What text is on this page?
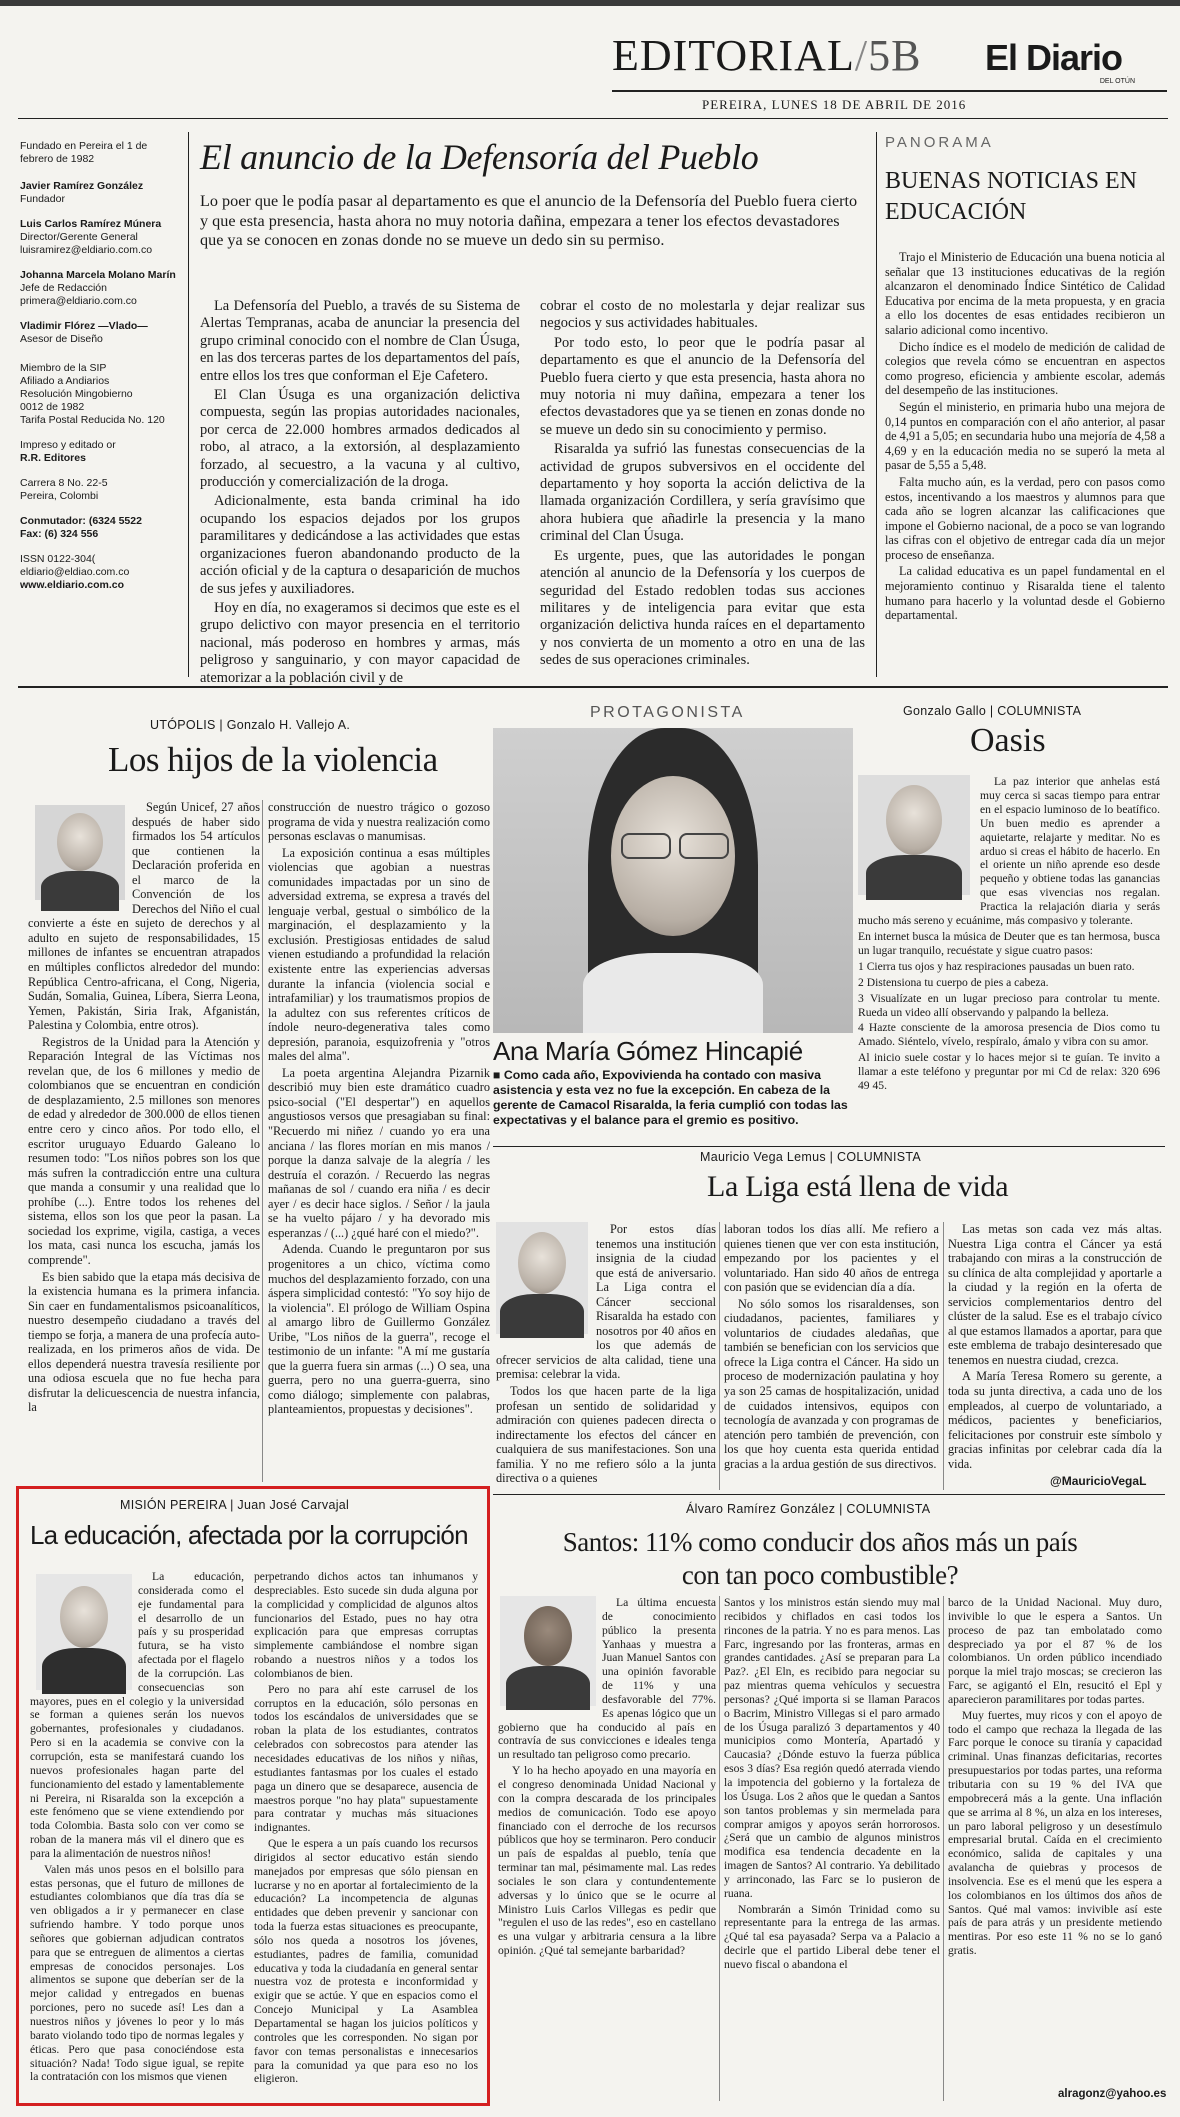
EDITORIAL/5B El Diario
DEL OTÚN
PEREIRA, LUNES 18 DE ABRIL DE 2016
Fundado en Pereira el 1 de febrero de 1982
Javier Ramírez González
Fundador
Luis Carlos Ramírez Múnera
Director/Gerente General
luisramirez@eldiario.com.co
Johanna Marcela Molano Marín
Jefe de Redacción
primera@eldiario.com.co
Vladimir Flórez —Vlado—
Asesor de Diseño
Miembro de la SIP
Afiliado a Andiarios
Resolución Mingobierno
0012 de 1982
Tarifa Postal Reducida No. 120
Impreso y editado or
R.R. Editores
Carrera 8 No. 22-5
Pereira, Colombi
Conmutador: (6324 5522
Fax: (6) 324 556
ISSN 0122-304(
eldiario@eldiao.com.co
www.eldiario.com.co
El anuncio de la Defensoría del Pueblo
Lo poer que le podía pasar al departamento es que el anuncio de la Defensoría del Pueblo fuera cierto y que esta presencia, hasta ahora no muy notoria dañina, empezara a tener los efectos devastadores que ya se conocen en zonas donde no se mueve un dedo sin su permiso.

La Defensoría del Pueblo, a través de su Sistema de Alertas Tempranas, acaba de anunciar la presencia del grupo criminal conocido con el nombre de Clan Úsuga, en las dos terceras partes de los departamentos del país, entre ellos los tres que conforman el Eje Cafetero.

El Clan Úsuga es una organización delictiva compuesta, según las propias autoridades nacionales, por cerca de 22.000 hombres armados dedicados al robo, al atraco, a la extorsión, al desplazamiento forzado, al secuestro, a la vacuna y al cultivo, producción y comercialización de la droga.

Adicionalmente, esta banda criminal ha ido ocupando los espacios dejados por los grupos paramilitares y dedicándose a las actividades que estas organizaciones fueron abandonando producto de la acción oficial y de la captura o desaparición de muchos de sus jefes y auxiliadores.

Hoy en día, no exageramos si decimos que este es el grupo delictivo con mayor presencia en el territorio nacional, más poderoso en hombres y armas, más peligroso y sanguinario, y con mayor capacidad de atemorizar a la población civil y de

cobrar el costo de no molestarla y dejar realizar sus negocios y sus actividades habituales.

Por todo esto, lo peor que le podría pasar al departamento es que el anuncio de la Defensoría del Pueblo fuera cierto y que esta presencia, hasta ahora no muy notoria ni muy dañina, empezara a tener los efectos devastadores que ya se tienen en zonas donde no se mueve un dedo sin su conocimiento y permiso.

Risaralda ya sufrió las funestas consecuencias de la actividad de grupos subversivos en el occidente del departamento y hoy soporta la acción delictiva de la llamada organización Cordillera, y sería gravísimo que ahora hubiera que añadirle la presencia y la mano criminal del Clan Úsuga.

Es urgente, pues, que las autoridades le pongan atención al anuncio de la Defensoría y los cuerpos de seguridad del Estado redoblen todas sus acciones militares y de inteligencia para evitar que esta organización delictiva hunda raíces en el departamento y nos convierta de un momento a otro en una de las sedes de sus operaciones criminales.

PANORAMA
BUENAS NOTICIAS EN EDUCACIÓN

Trajo el Ministerio de Educación una buena noticia al señalar que 13 instituciones educativas de la región alcanzaron el denominado Índice Sintético de Calidad Educativa por encima de la meta propuesta, y en gracia a ello los docentes de esas entidades recibieron un salario adicional como incentivo.

Dicho índice es el modelo de medición de calidad de colegios que revela cómo se encuentran en aspectos como progreso, eficiencia y ambiente escolar, además del desempeño de las instituciones.

Según el ministerio, en primaria hubo una mejora de 0,14 puntos en comparación con el año anterior, al pasar de 4,91 a 5,05; en secundaria hubo una mejoría de 4,58 a 4,69 y en la educación media no se superó la meta al pasar de 5,55 a 5,48.

Falta mucho aún, es la verdad, pero con pasos como estos, incentivando a los maestros y alumnos para que cada año se logren alcanzar las calificaciones que impone el Gobierno nacional, de a poco se van logrando las cifras con el objetivo de entregar cada día un mejor proceso de enseñanza.

La calidad educativa es un papel fundamental en el mejoramiento continuo y Risaralda tiene el talento humano para hacerlo y la voluntad desde el Gobierno departamental.

UTÓPOLIS | Gonzalo H. Vallejo A.
Los hijos de la violencia

Según Unicef, 27 años después de haber sido firmados los 54 artículos que contienen la Declaración proferida en el marco de la Convención de los Derechos del Niño el cual convierte a éste en sujeto de derechos y al adulto en sujeto de responsabilidades, 15 millones de infantes se encuentran atrapados en múltiples conflictos alrededor del mundo: República Centro-africana, el Cong, Nigeria, Sudán, Somalia, Guinea, Líbera, Sierra Leona, Yemen, Pakistán, Siria Irak, Afganistán, Palestina y Colombia, entre otros).

Registros de la Unidad para la Atención y Reparación Integral de las Víctimas nos revelan que, de los 6 millones y medio de colombianos que se encuentran en condición de desplazamiento, 2.5 millones son menores de edad y alrededor de 300.000 de ellos tienen entre cero y cinco años. Por todo ello, el escritor uruguayo Eduardo Galeano lo resumen todo: "Los niños pobres son los que más sufren la contradicción entre una cultura que manda a consumir y una realidad que lo prohíbe (...). Entre todos los rehenes del sistema, ellos son los que peor la pasan. La sociedad los exprime, vigila, castiga, a veces los mata, casi nunca los escucha, jamás los comprende".

Es bien sabido que la etapa más decisiva de la existencia humana es la primera infancia. Sin caer en fundamentalismos psicoanalíticos, nuestro desempeño ciudadano a través del tiempo se forja, a manera de una profecía auto-realizada, en los primeros años de vida. De ellos dependerá nuestra travesía resiliente por una odiosa escuela que no fue hecha para disfrutar la delicuescencia de nuestra infancia, la

construcción de nuestro trágico o gozoso programa de vida y nuestra realización como personas esclavas o manumisas.

La exposición continua a esas múltiples violencias que agobian a nuestras comunidades impactadas por un sino de adversidad extrema, se expresa a través del lenguaje verbal, gestual o simbólico de la marginación, el desplazamiento y la exclusión. Prestigiosas entidades de salud vienen estudiando a profundidad la relación existente entre las experiencias adversas durante la infancia (violencia social e intrafamiliar) y los traumatismos propios de la adultez con sus referentes críticos de índole neuro-degenerativa tales como depresión, paranoia, esquizofrenia y "otros males del alma".

La poeta argentina Alejandra Pizarnik describió muy bien este dramático cuadro psico-social ("El despertar") en aquellos angustiosos versos que presagiaban su final: "Recuerdo mi niñez / cuando yo era una anciana / las flores morían en mis manos / porque la danza salvaje de la alegría / les destruía el corazón. / Recuerdo las negras mañanas de sol / cuando era niña / es decir ayer / es decir hace siglos. / Señor / la jaula se ha vuelto pájaro / y ha devorado mis esperanzas / (...) ¿qué haré con el miedo?".

Adenda. Cuando le preguntaron por sus progenitores a un chico, víctima como muchos del desplazamiento forzado, con una áspera simplicidad contestó: "Yo soy hijo de la violencia". El prólogo de William Ospina al amargo libro de Guillermo González Uribe, "Los niños de la guerra", recoge el testimonio de un infante: "A mí me gustaría que la guerra fuera sin armas (...) O sea, una guerra, pero no una guerra-guerra, sino como diálogo; simplemente con palabras, planteamientos, propuestas y decisiones".

PROTAGONISTA
Ana María Gómez Hincapié
■ Como cada año, Expovivienda ha contado con masiva asistencia y esta vez no fue la excepción. En cabeza de la gerente de Camacol Risaralda, la feria cumplió con todas las expectativas y el balance para el gremio es positivo.
Gonzalo Gallo | COLUMNISTA
Oasis

La paz interior que anhelas está muy cerca si sacas tiempo para entrar en el espacio luminoso de lo beatífico. Un buen medio es aprender a aquietarte, relajarte y meditar. No es arduo si creas el hábito de hacerlo. En el oriente un niño aprende eso desde pequeño y obtiene todas las ganancias que esas vivencias nos regalan. Practica la relajación diaria y serás mucho más sereno y ecuánime, más compasivo y tolerante.

En internet busca la música de Deuter que es tan hermosa, busca un lugar tranquilo, recuéstate y sigue cuatro pasos:

1 Cierra tus ojos y haz respiraciones pausadas un buen rato.

2 Distensiona tu cuerpo de pies a cabeza.

3 Visualízate en un lugar precioso para controlar tu mente. Rueda un video allí observando y palpando la belleza.

4 Hazte consciente de la amorosa presencia de Dios como tu Amado. Siéntelo, vívelo, respíralo, ámalo y vibra con su amor.

Al inicio suele costar y lo haces mejor si te guían. Te invito a llamar a este teléfono y preguntar por mi Cd de relax: 320 696 49 45.

Mauricio Vega Lemus | COLUMNISTA
La Liga está llena de vida

Por estos días tenemos una institución insignia de la ciudad que está de aniversario. La Liga contra el Cáncer seccional Risaralda ha estado con nosotros por 40 años en los que además de ofrecer servicios de alta calidad, tiene una premisa: celebrar la vida.

Todos los que hacen parte de la liga profesan un sentido de solidaridad y admiración con quienes padecen directa o indirectamente los efectos del cáncer en cualquiera de sus manifestaciones. Son una familia. Y no me refiero sólo a la junta directiva o a quienes

laboran todos los días allí. Me refiero a quienes tienen que ver con esta institución, empezando por los pacientes y el voluntariado. Han sido 40 años de entrega con pasión que se evidencian día a día.

No sólo somos los risaraldenses, son ciudadanos, pacientes, familiares y voluntarios de ciudades aledañas, que también se benefician con los servicios que ofrece la Liga contra el Cáncer. Ha sido un proceso de modernización paulatina y hoy ya son 25 camas de hospitalización, unidad de cuidados intensivos, equipos con tecnología de avanzada y con programas de atención pero también de prevención, con los que hoy cuenta esta querida entidad gracias a la ardua gestión de sus directivos.

Las metas son cada vez más altas. Nuestra Liga contra el Cáncer ya está trabajando con miras a la construcción de su clínica de alta complejidad y aportarle a la ciudad y la región en la oferta de servicios complementarios dentro del clúster de la salud. Ese es el trabajo cívico al que estamos llamados a aportar, para que este emblema de trabajo desinteresado que tenemos en nuestra ciudad, crezca.

A María Teresa Romero su gerente, a toda su junta directiva, a cada uno de los empleados, al cuerpo de voluntariado, a médicos, pacientes y beneficiarios, felicitaciones por construir este símbolo y gracias infinitas por celebrar cada día la vida.

@MauricioVegaL
MISIÓN PEREIRA | Juan José Carvajal
La educación, afectada por la corrupción

La educación, considerada como el eje fundamental para el desarrollo de un país y su prosperidad futura, se ha visto afectada por el flagelo de la corrupción. Las consecuencias son mayores, pues en el colegio y la universidad se forman a quienes serán los nuevos gobernantes, profesionales y ciudadanos. Pero si en la academia se convive con la corrupción, esta se manifestará cuando los nuevos profesionales hagan parte del funcionamiento del estado y lamentablemente ni Pereira, ni Risaralda son la excepción a este fenómeno que se viene extendiendo por toda Colombia. Basta solo con ver como se roban de la manera más vil el dinero que es para la alimentación de nuestros niños!

Valen más unos pesos en el bolsillo para estas personas, que el futuro de millones de estudiantes colombianos que día tras día se ven obligados a ir y permanecer en clase sufriendo hambre. Y todo porque unos señores que gobiernan adjudican contratos para que se entreguen de alimentos a ciertas empresas de conocidos personajes. Los alimentos se supone que deberían ser de la mejor calidad y entregados en buenas porciones, pero no sucede así! Les dan a nuestros niños y jóvenes lo peor y lo más barato violando todo tipo de normas legales y éticas. Pero que pasa conociéndose esta situación? Nada! Todo sigue igual, se repite la contratación con los mismos que vienen

perpetrando dichos actos tan inhumanos y despreciables. Esto sucede sin duda alguna por la complicidad y complicidad de algunos altos funcionarios del Estado, pues no hay otra explicación para que empresas corruptas simplemente cambiándose el nombre sigan robando a nuestros niños y a todos los colombianos de bien.

Pero no para ahí este carrusel de los corruptos en la educación, sólo personas en todos los escándalos de universidades que se roban la plata de los estudiantes, contratos celebrados con sobrecostos para atender las necesidades educativas de los niños y niñas, estudiantes fantasmas por los cuales el estado paga un dinero que se desaparece, ausencia de maestros porque "no hay plata" supuestamente para contratar y muchas más situaciones indignantes.

Que le espera a un país cuando los recursos dirigidos al sector educativo están siendo manejados por empresas que sólo piensan en lucrarse y no en aportar al fortalecimiento de la educación? La incompetencia de algunas entidades que deben prevenir y sancionar con toda la fuerza estas situaciones es preocupante, sólo nos queda a nosotros los jóvenes, estudiantes, padres de familia, comunidad educativa y toda la ciudadanía en general sentar nuestra voz de protesta e inconformidad y exigir que se actúe. Y que en espacios como el Concejo Municipal y La Asamblea Departamental se hagan los juicios políticos y controles que les corresponden. No sigan por favor con temas personalistas e innecesarios para la comunidad ya que para eso no los eligieron.

Álvaro Ramírez González | COLUMNISTA
Santos: 11% como conducir dos años más un país con tan poco combustible?

La última encuesta de conocimiento público la presenta Yanhaas y muestra a Juan Manuel Santos con una opinión favorable de 11% y una desfavorable del 77%. Es apenas lógico que un gobierno que ha conducido al país en contravía de sus convicciones e ideales tenga un resultado tan peligroso como precario.

Y lo ha hecho apoyado en una mayoría en el congreso denominada Unidad Nacional y con la compra descarada de los principales medios de comunicación. Todo ese apoyo financiado con el derroche de los recursos públicos que hoy se terminaron. Pero conducir un país de espaldas al pueblo, tenía que terminar tan mal, pésimamente mal. Las redes sociales le son clara y contundentemente adversas y lo único que se le ocurre al Ministro Luis Carlos Villegas es pedir que "regulen el uso de las redes", eso en castellano es una vulgar y arbitraria censura a la libre opinión. ¿Qué tal semejante barbaridad?

Santos y los ministros están siendo muy mal recibidos y chiflados en casi todos los rincones de la patria. Y no es para menos. Las Farc, ingresando por las fronteras, armas en grandes cantidades. ¿Así se preparan para La Paz?. ¿El Eln, es recibido para negociar su paz mientras quema vehículos y secuestra personas? ¿Qué importa si se llaman Paracos o Bacrim, Ministro Villegas si el paro armado de los Úsuga paralizó 3 departamentos y 40 municipios como Montería, Apartadó y Caucasia? ¿Dónde estuvo la fuerza pública esos 3 días? Esa región quedó aterrada viendo la impotencia del gobierno y la fortaleza de los Úsuga. Los 2 años que le quedan a Santos son tantos problemas y sin mermelada para comprar amigos y apoyos serán horrorosos. ¿Será que un cambio de algunos ministros modifica esa tendencia decadente en la imagen de Santos? Al contrario. Ya debilitado y arrinconado, las Farc se lo pusieron de ruana.

Nombrarán a Simón Trinidad como su representante para la entrega de las armas. ¿Qué tal esa payasada? Serpa va a Palacio a decirle que el partido Liberal debe tener el nuevo fiscal o abandona el

barco de la Unidad Nacional. Muy duro, invivible lo que le espera a Santos. Un proceso de paz tan embolatado como despreciado ya por el 87 % de los colombianos. Un orden público incendiado porque la miel trajo moscas; se crecieron las Farc, se agigantó el Eln, resucitó el Epl y aparecieron paramilitares por todas partes.

Muy fuertes, muy ricos y con el apoyo de todo el campo que rechaza la llegada de las Farc porque le conoce su tiranía y capacidad criminal. Unas finanzas deficitarias, recortes presupuestarios por todas partes, una reforma tributaria con su 19 % del IVA que empobrecerá más a la gente. Una inflación que se arrima al 8 %, un alza en los intereses, un paro laboral peligroso y un desestímulo empresarial brutal. Caída en el crecimiento económico, salida de capitales y una avalancha de quiebras y procesos de insolvencia. Ese es el menú que les espera a los colombianos en los últimos dos años de Santos. Qué mal vamos: invivible así este país de para atrás y un presidente metiendo mentiras. Por eso este 11 % no se lo ganó gratis.

alragonz@yahoo.es
